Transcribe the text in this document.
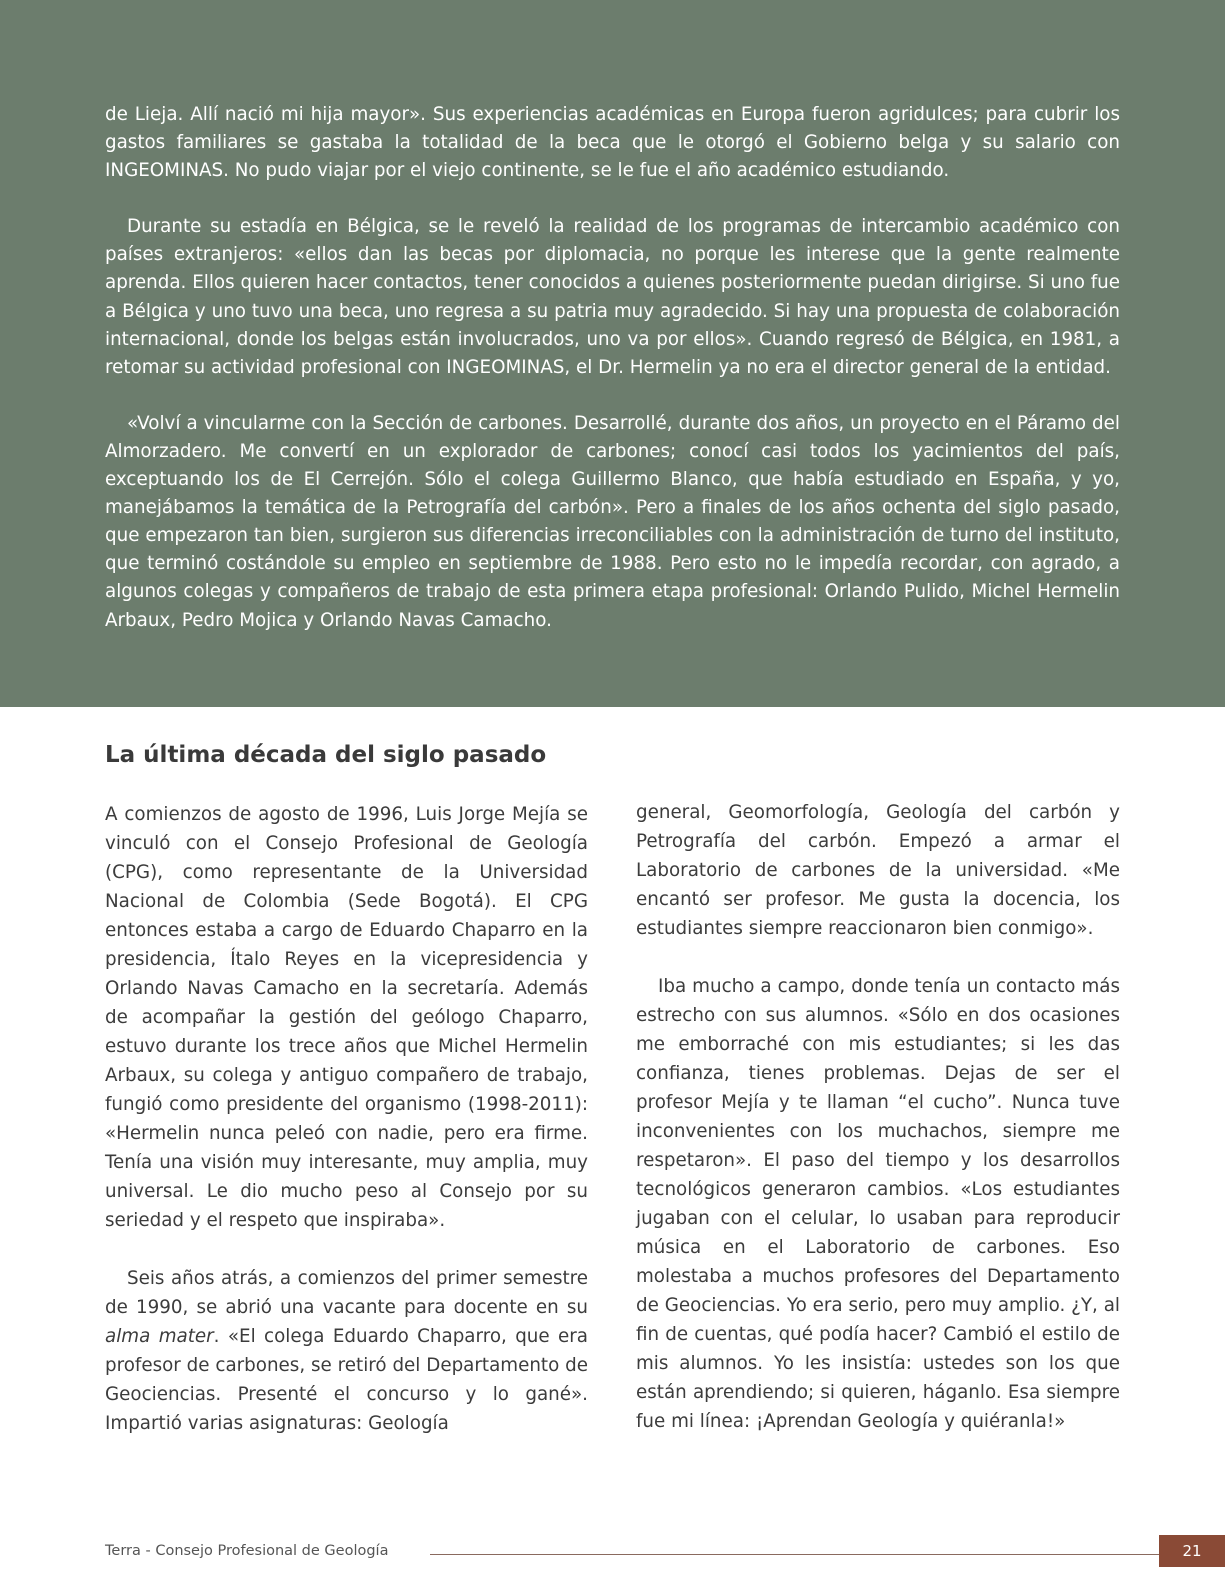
de Lieja. Allí nació mi hija mayor». Sus experiencias académicas en Europa fueron agridulces; para cubrir los gastos familiares se gastaba la totalidad de la beca que le otorgó el Gobierno belga y su salario con INGEOMINAS. No pudo viajar por el viejo continente, se le fue el año académico estudiando.

Durante su estadía en Bélgica, se le reveló la realidad de los programas de intercambio académico con países extranjeros: «ellos dan las becas por diplomacia, no porque les interese que la gente realmente aprenda. Ellos quieren hacer contactos, tener conocidos a quienes posteriormente puedan dirigirse. Si uno fue a Bélgica y uno tuvo una beca, uno regresa a su patria muy agradecido. Si hay una propuesta de colaboración internacional, donde los belgas están involucrados, uno va por ellos». Cuando regresó de Bélgica, en 1981, a retomar su actividad profesional con INGEOMINAS, el Dr. Hermelin ya no era el director general de la entidad.

«Volví a vincularme con la Sección de carbones. Desarrollé, durante dos años, un proyecto en el Páramo del Almorzadero. Me convertí en un explorador de carbones; conocí casi todos los yacimientos del país, exceptuando los de El Cerrejón. Sólo el colega Guillermo Blanco, que había estudiado en España, y yo, manejábamos la temática de la Petrografía del carbón». Pero a finales de los años ochenta del siglo pasado, que empezaron tan bien, surgieron sus diferencias irreconciliables con la administración de turno del instituto, que terminó costándole su empleo en septiembre de 1988. Pero esto no le impedía recordar, con agrado, a algunos colegas y compañeros de trabajo de esta primera etapa profesional: Orlando Pulido, Michel Hermelin Arbaux, Pedro Mojica y Orlando Navas Camacho.

La última década del siglo pasado

A comienzos de agosto de 1996, Luis Jorge Mejía se vinculó con el Consejo Profesional de Geología (CPG), como representante de la Universidad Nacional de Colombia (Sede Bogotá). El CPG entonces estaba a cargo de Eduardo Chaparro en la presidencia, Ítalo Reyes en la vicepresidencia y Orlando Navas Camacho en la secretaría. Además de acompañar la gestión del geólogo Chaparro, estuvo durante los trece años que Michel Hermelin Arbaux, su colega y antiguo compañero de trabajo, fungió como presidente del organismo (1998-2011): «Hermelin nunca peleó con nadie, pero era firme. Tenía una visión muy interesante, muy amplia, muy universal. Le dio mucho peso al Consejo por su seriedad y el respeto que inspiraba».

Seis años atrás, a comienzos del primer semestre de 1990, se abrió una vacante para docente en su alma mater. «El colega Eduardo Chaparro, que era profesor de carbones, se retiró del Departamento de Geociencias. Presenté el concurso y lo gané». Impartió varias asignaturas: Geología

general, Geomorfología, Geología del carbón y Petrografía del carbón. Empezó a armar el Laboratorio de carbones de la universidad. «Me encantó ser profesor. Me gusta la docencia, los estudiantes siempre reaccionaron bien conmigo».

Iba mucho a campo, donde tenía un contacto más estrecho con sus alumnos. «Sólo en dos ocasiones me emborraché con mis estudiantes; si les das confianza, tienes problemas. Dejas de ser el profesor Mejía y te llaman “el cucho”. Nunca tuve inconvenientes con los muchachos, siempre me respetaron». El paso del tiempo y los desarrollos tecnológicos generaron cambios. «Los estudiantes jugaban con el celular, lo usaban para reproducir música en el Laboratorio de carbones. Eso molestaba a muchos profesores del Departamento de Geociencias. Yo era serio, pero muy amplio. ¿Y, al fin de cuentas, qué podía hacer? Cambió el estilo de mis alumnos. Yo les insistía: ustedes son los que están aprendiendo; si quieren, háganlo. Esa siempre fue mi línea: ¡Aprendan Geología y quiéranla!»

Terra - Consejo Profesional de Geología	21
